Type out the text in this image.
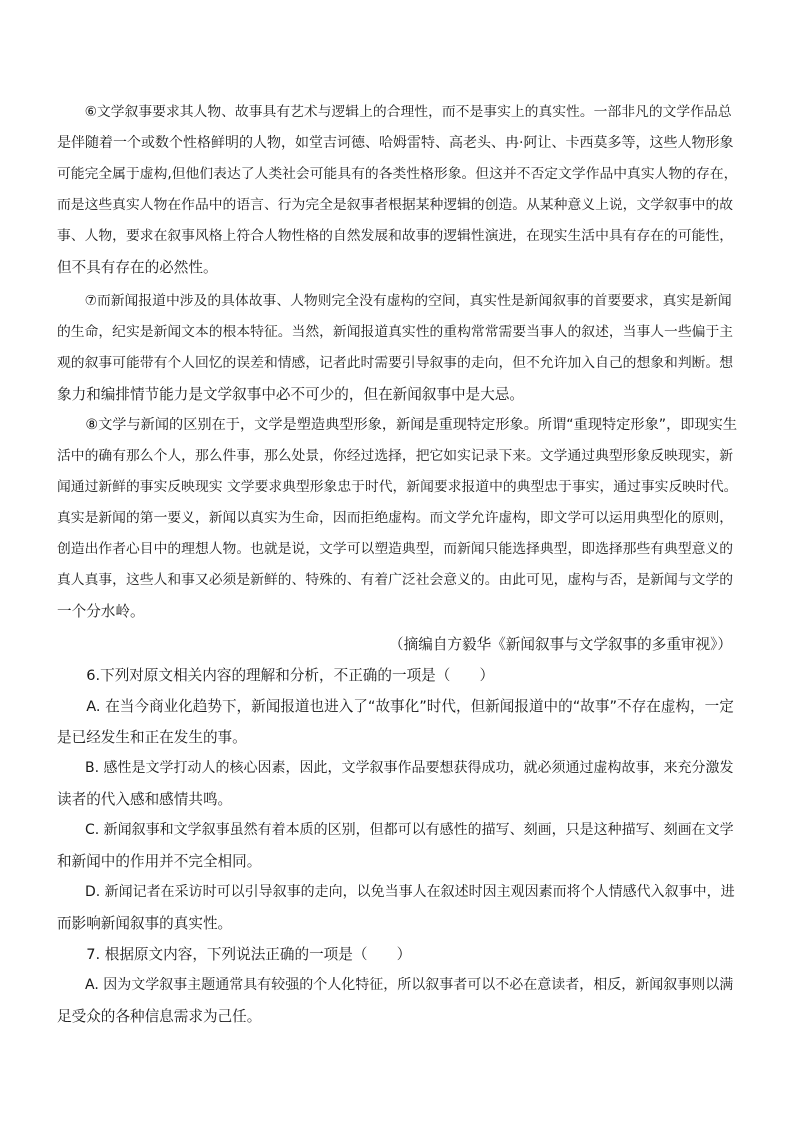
　　⑥文学叙事要求其人物、故事具有艺术与逻辑上的合理性，而不是事实上的真实性。一部非凡的文学作品总
是伴随着一个或数个性格鲜明的人物，如堂吉诃德、哈姆雷特、高老头、冉·阿让、卡西莫多等，这些人物形象
可能完全属于虚构,但他们表达了人类社会可能具有的各类性格形象。但这并不否定文学作品中真实人物的存在，
而是这些真实人物在作品中的语言、行为完全是叙事者根据某种逻辑的创造。从某种意义上说，文学叙事中的故
事、人物，要求在叙事风格上符合人物性格的自然发展和故事的逻辑性演进，在现实生活中具有存在的可能性，
但不具有存在的必然性。
　　⑦而新闻报道中涉及的具体故事、人物则完全没有虚构的空间，真实性是新闻叙事的首要要求，真实是新闻
的生命，纪实是新闻文本的根本特征。当然，新闻报道真实性的重构常常需要当事人的叙述，当事人一些偏于主
观的叙事可能带有个人回忆的误差和情感，记者此时需要引导叙事的走向，但不允许加入自己的想象和判断。想
象力和编排情节能力是文学叙事中必不可少的，但在新闻叙事中是大忌。
　　⑧文学与新闻的区别在于，文学是塑造典型形象，新闻是重现特定形象。所谓“重现特定形象”，即现实生
活中的确有那么个人，那么件事，那么处景，你经过选择，把它如实记录下来。文学通过典型形象反映现实，新
闻通过新鲜的事实反映现实 文学要求典型形象忠于时代，新闻要求报道中的典型忠于事实，通过事实反映时代。
真实是新闻的第一要义，新闻以真实为生命，因而拒绝虚构。而文学允许虚构，即文学可以运用典型化的原则，
创造出作者心目中的理想人物。也就是说，文学可以塑造典型，而新闻只能选择典型，即选择那些有典型意义的
真人真事，这些人和事又必须是新鲜的、特殊的、有着广泛社会意义的。由此可见，虚构与否，是新闻与文学的
一个分水岭。
（摘编自方毅华《新闻叙事与文学叙事的多重审视》）
　　6.下列对原文相关内容的理解和分析，不正确的一项是（　　）
　　A. 在当今商业化趋势下，新闻报道也进入了“故事化”时代，但新闻报道中的“故事”不存在虚构，一定
是已经发生和正在发生的事。
　　B. 感性是文学打动人的核心因素，因此，文学叙事作品要想获得成功，就必须通过虚构故事，来充分激发
读者的代入感和感情共鸣。
　　C. 新闻叙事和文学叙事虽然有着本质的区别，但都可以有感性的描写、刻画，只是这种描写、刻画在文学
和新闻中的作用并不完全相同。
　　D. 新闻记者在采访时可以引导叙事的走向，以免当事人在叙述时因主观因素而将个人情感代入叙事中，进
而影响新闻叙事的真实性。
　　7. 根据原文内容，下列说法正确的一项是（　　）
　　A. 因为文学叙事主题通常具有较强的个人化特征，所以叙事者可以不必在意读者，相反，新闻叙事则以满
足受众的各种信息需求为己任。
